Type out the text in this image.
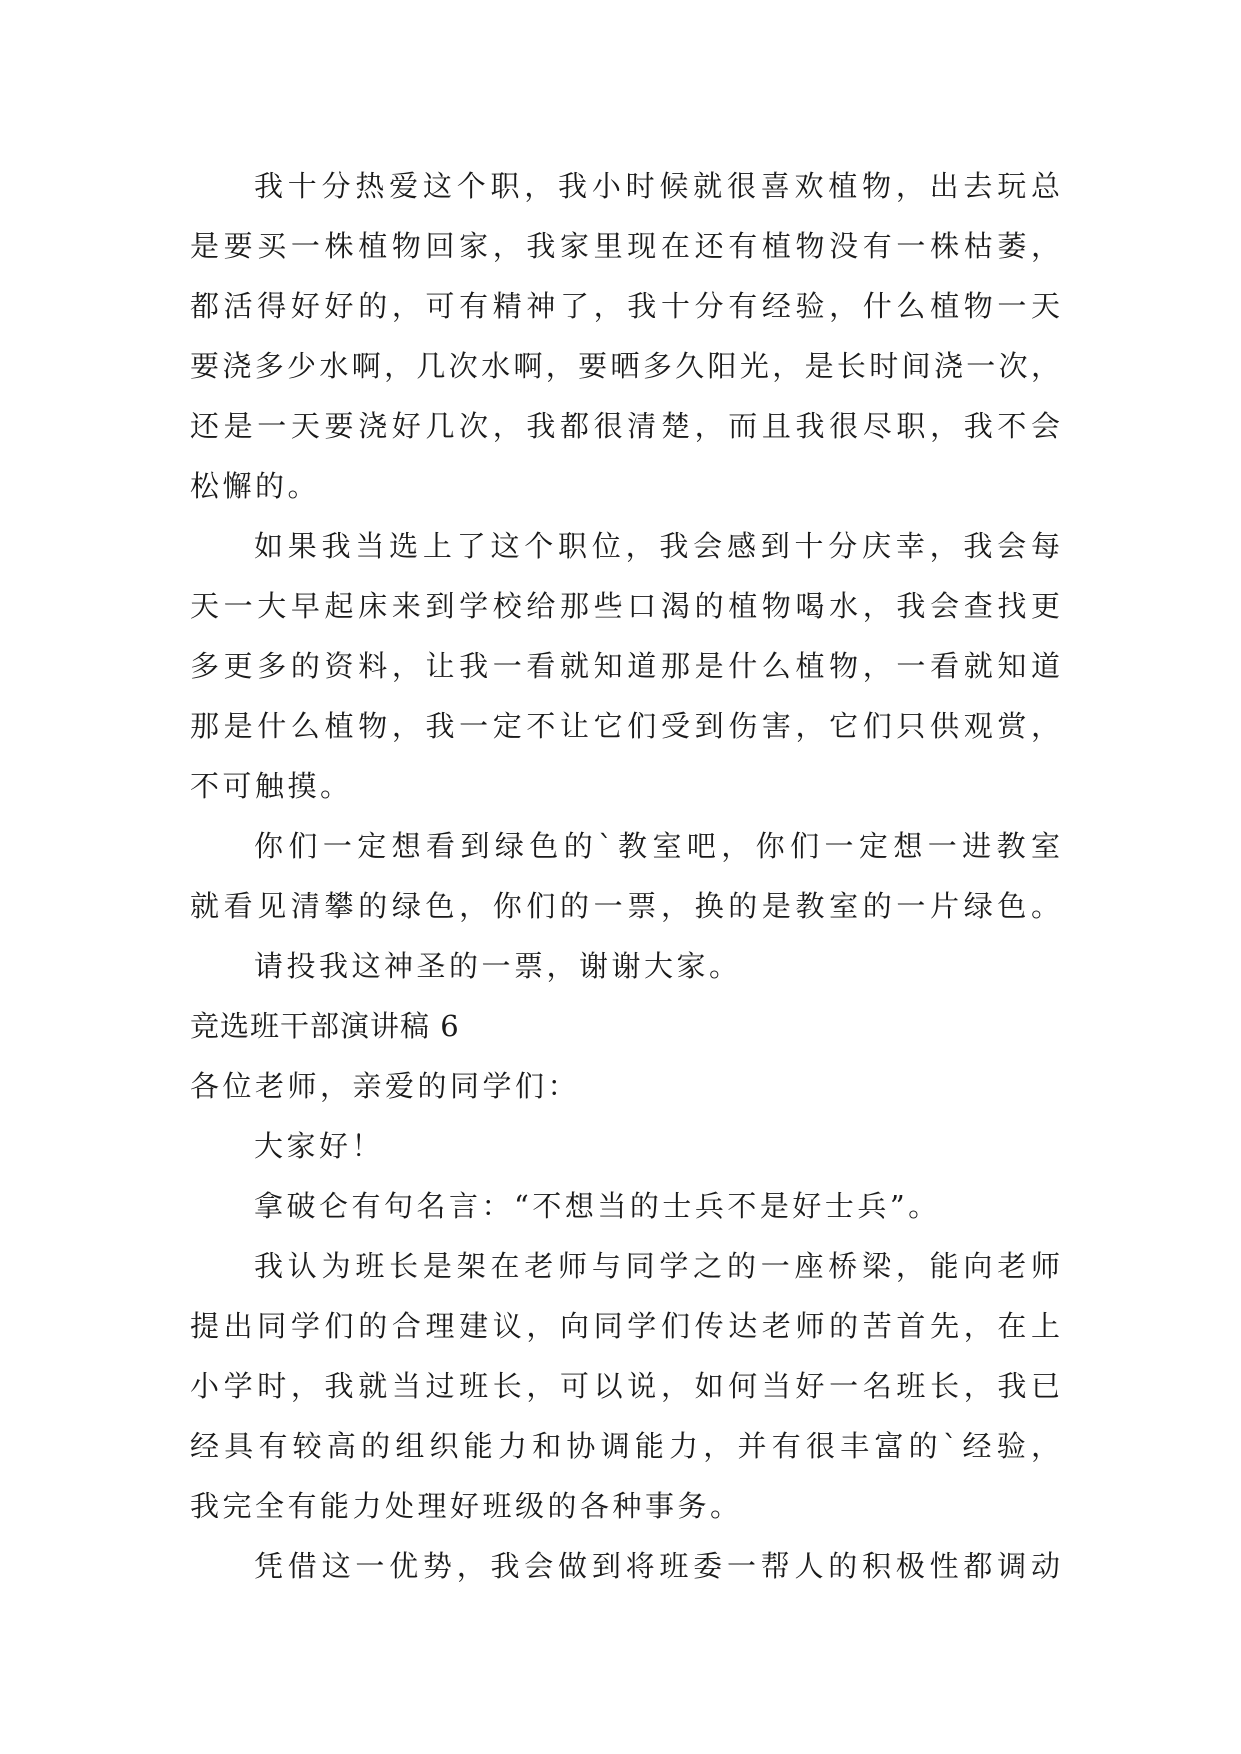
我十分热爱这个职，我小时候就很喜欢植物，出去玩总
是要买一株植物回家，我家里现在还有植物没有一株枯萎，
都活得好好的，可有精神了，我十分有经验，什么植物一天
要浇多少水啊，几次水啊，要晒多久阳光，是长时间浇一次，
还是一天要浇好几次，我都很清楚，而且我很尽职，我不会
松懈的。
如果我当选上了这个职位，我会感到十分庆幸，我会每
天一大早起床来到学校给那些口渴的植物喝水，我会查找更
多更多的资料，让我一看就知道那是什么植物，一看就知道
那是什么植物，我一定不让它们受到伤害，它们只供观赏，
不可触摸。
你们一定想看到绿色的`教室吧，你们一定想一进教室
就看见清攀的绿色，你们的一票，换的是教室的一片绿色。
请投我这神圣的一票，谢谢大家。
竞选班干部演讲稿 6
各位老师，亲爱的同学们：
大家好！
拿破仑有句名言：“不想当的士兵不是好士兵”。
我认为班长是架在老师与同学之的一座桥梁，能向老师
提出同学们的合理建议，向同学们传达老师的苦首先，在上
小学时，我就当过班长，可以说，如何当好一名班长，我已
经具有较高的组织能力和协调能力，并有很丰富的`经验，
我完全有能力处理好班级的各种事务。
凭借这一优势，我会做到将班委一帮人的积极性都调动
